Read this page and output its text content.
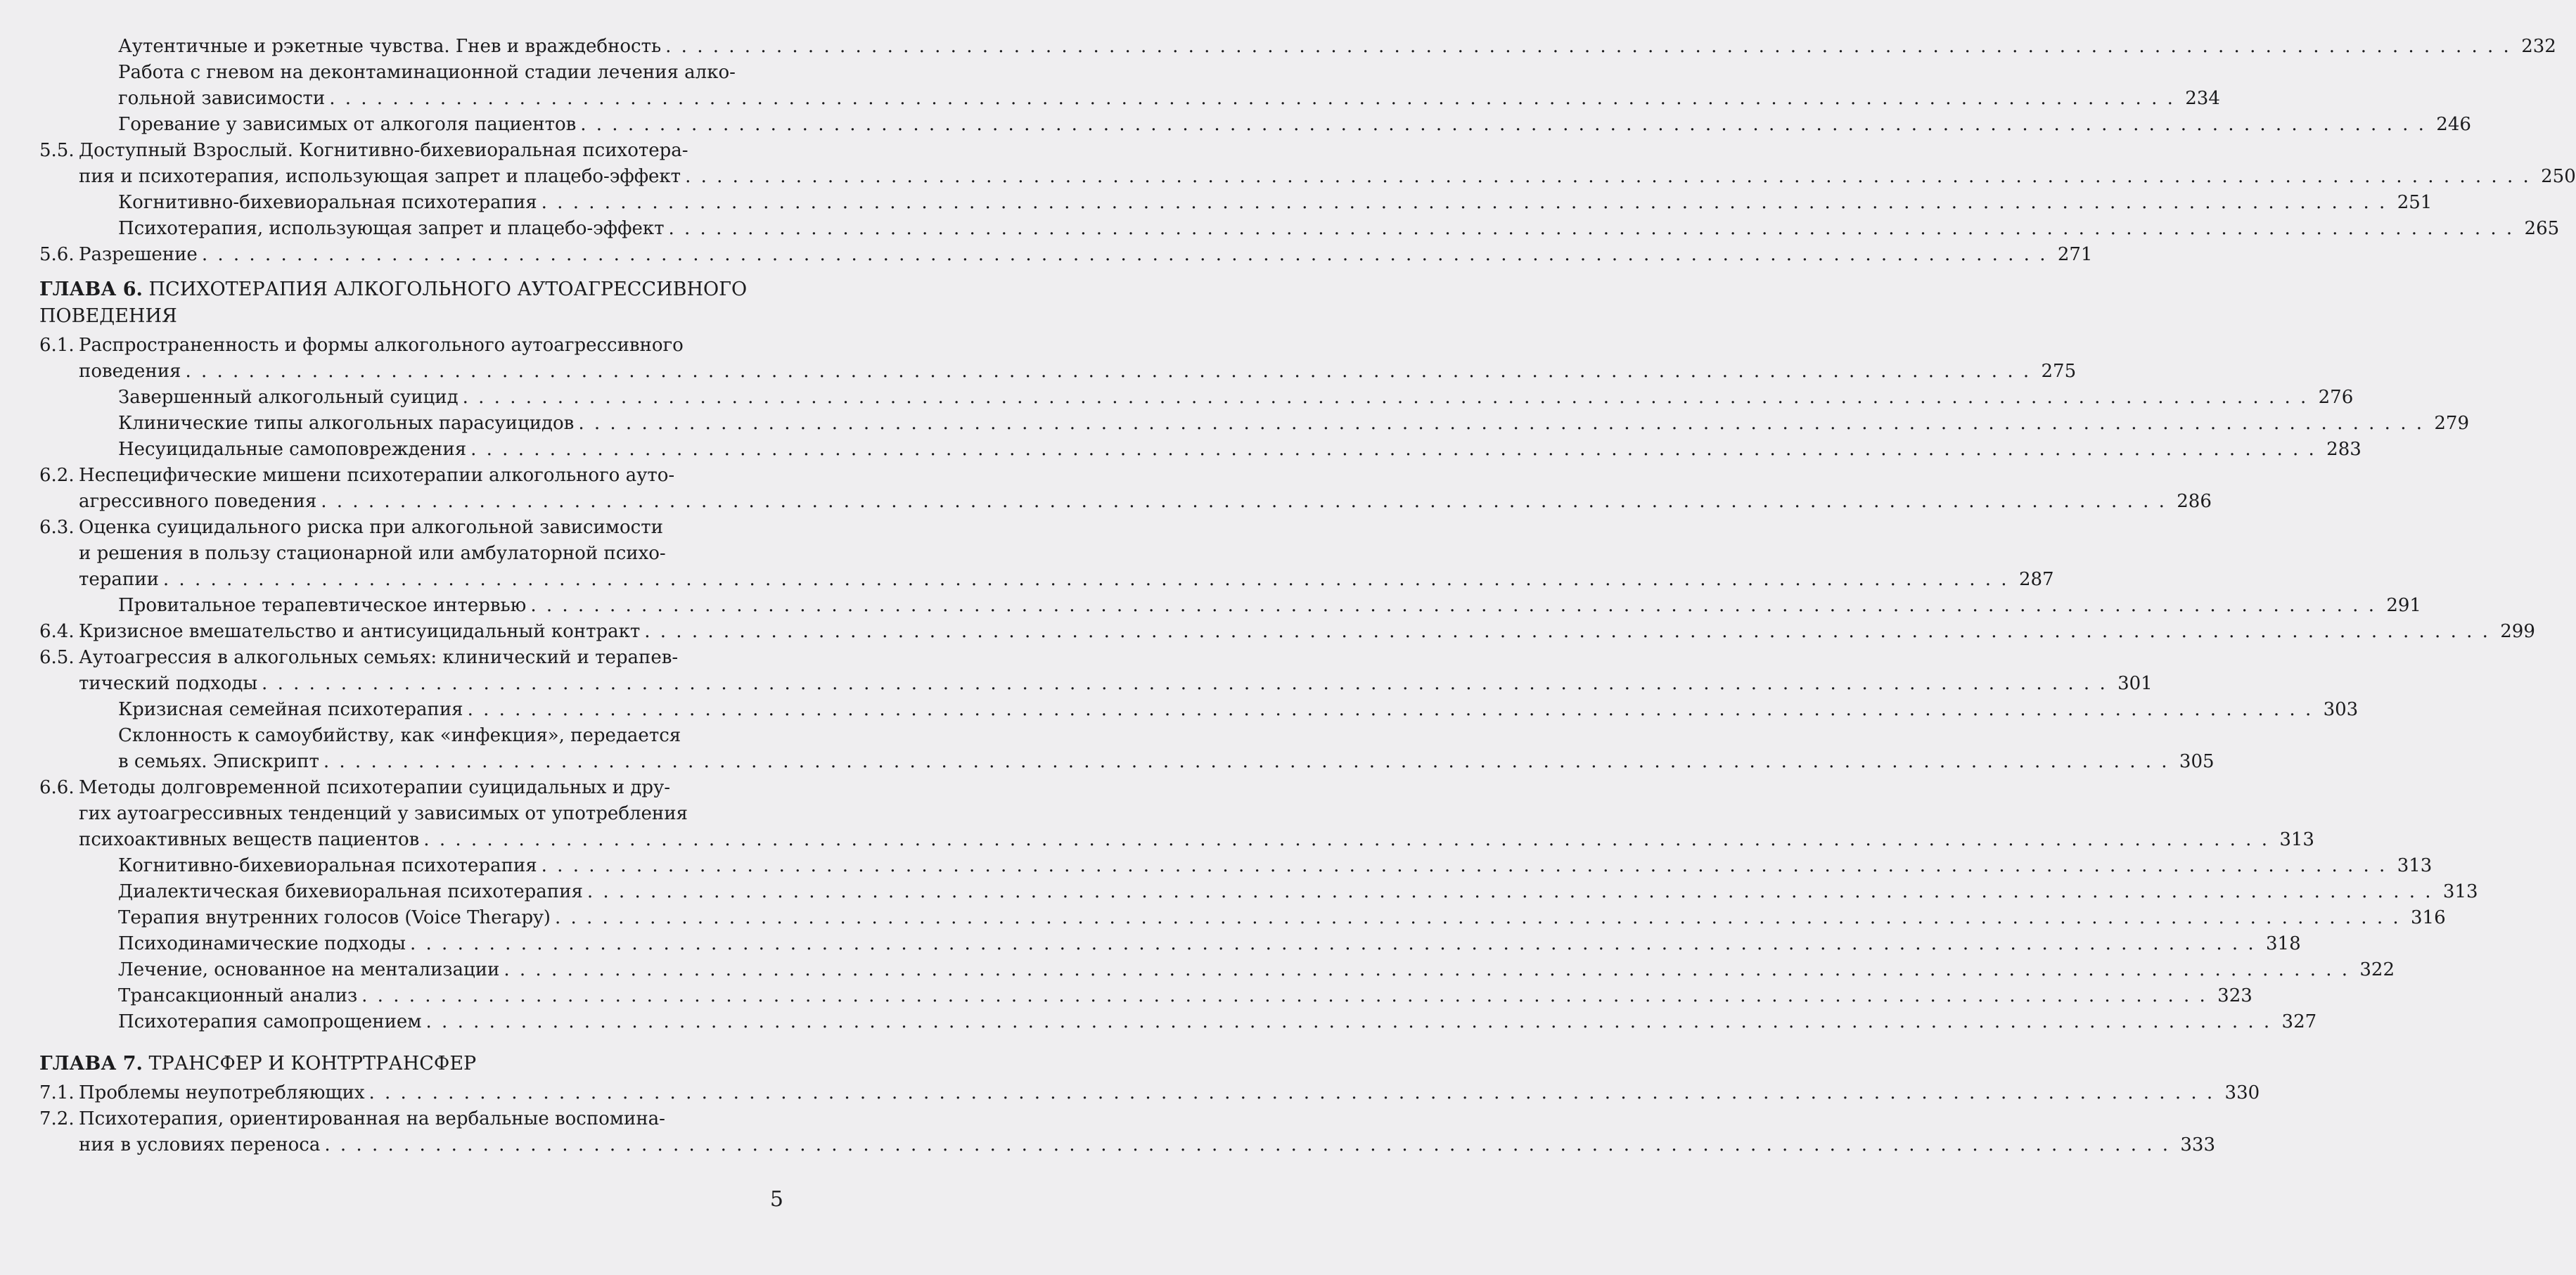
Аутентичные и рэкетные чувства. Гнев и враждебность . . .	232
Работа с гневом на деконтаминационной стадии лечения алко-
гольной зависимости . . .	234
Горевание у зависимых от алкоголя пациентов . . .	246
5.5. Доступный Взрослый. Когнитивно-бихевиоральная психотера-
пия и психотерапия, использующая запрет и плацебо-эффект . . .	250
Когнитивно-бихевиоральная психотерапия . . .	251
Психотерапия, использующая запрет и плацебо-эффект . . .	265
5.6. Разрешение . . .	271
ГЛАВА 6. ПСИХОТЕРАПИЯ АЛКОГОЛЬНОГО АУТОАГРЕССИВНОГО
ПОВЕДЕНИЯ
6.1. Распространенность и формы алкогольного аутоагрессивного
поведения . . .	275
Завершенный алкогольный суицид . . .	276
Клинические типы алкогольных парасуицидов . . .	279
Несуицидальные самоповреждения . . .	283
6.2. Неспецифические мишени психотерапии алкогольного ауто-
агрессивного поведения . . .	286
6.3. Оценка суицидального риска при алкогольной зависимости
и решения в пользу стационарной или амбулаторной психо-
терапии . . .	287
Провитальное терапевтическое интервью . . .	291
6.4. Кризисное вмешательство и антисуицидальный контракт . . .	299
6.5. Аутоагрессия в алкогольных семьях: клинический и терапев-
тический подходы . . .	301
Кризисная семейная психотерапия . . .	303
Склонность к самоубийству, как «инфекция», передается
в семьях. Эпискрипт . . .	305
6.6. Методы долговременной психотерапии суицидальных и дру-
гих аутоагрессивных тенденций у зависимых от употребления
психоактивных веществ пациентов . . .	313
Когнитивно-бихевиоральная психотерапия . . .	313
Диалектическая бихевиоральная психотерапия . . .	313
Терапия внутренних голосов (Voice Therapy) . . .	316
Психодинамические подходы . . .	318
Лечение, основанное на ментализации . . .	322
Трансакционный анализ . . .	323
Психотерапия самопрощением . . .	327
ГЛАВА 7. ТРАНСФЕР И КОНТРТРАНСФЕР
7.1. Проблемы неупотребляющих . . .	330
7.2. Психотерапия, ориентированная на вербальные воспомина-
ния в условиях переноса . . .	333
5
